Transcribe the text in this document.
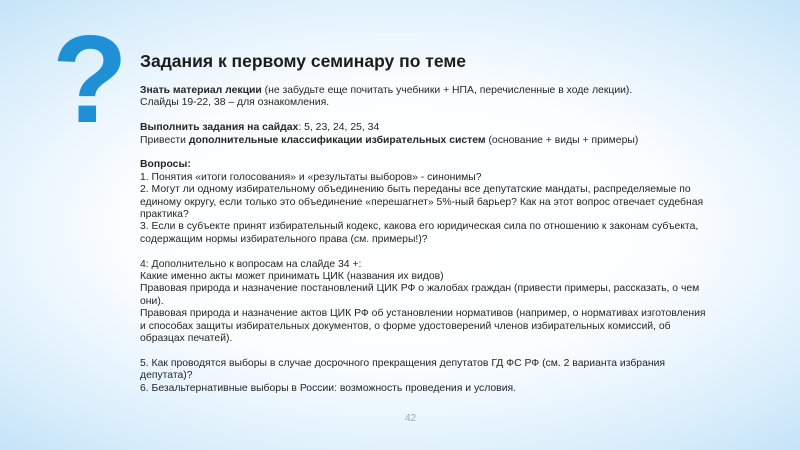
? Задания к первому семинару по теме
Знать материал лекции (не забудьте еще почитать учебники + НПА, перечисленные в ходе лекции).
Слайды 19-22, 38 – для ознакомления.
Выполнить задания на сайдах: 5, 23, 24, 25, 34
Привести дополнительные классификации избирательных систем (основание + виды + примеры)
Вопросы:
1. Понятия «итоги голосования» и «результаты выборов» - синонимы?
2. Могут ли одному избирательному объединению быть переданы все депутатские мандаты, распределяемые по
единому округу, если только это объединение «перешагнет» 5%-ный барьер? Как на этот вопрос отвечает судебная
практика?
3. Если в субъекте принят избирательный кодекс, какова его юридическая сила по отношению к законам субъекта,
содержащим нормы избирательного права (см. примеры!)?
4: Дополнительно к вопросам на слайде 34 +:
Какие именно акты может принимать ЦИК (названия их видов)
Правовая природа и назначение постановлений ЦИК РФ о жалобах граждан (привести примеры, рассказать, о чем
они).
Правовая природа и назначение актов ЦИК РФ об установлении нормативов (например, о нормативах изготовления
и способах защиты избирательных документов, о форме удостоверений членов избирательных комиссий, об
образцах печатей).
5. Как проводятся выборы в случае досрочного прекращения депутатов ГД ФС РФ (см. 2 варианта избрания
депутата)?
6. Безальтернативные выборы в России: возможность проведения и условия.
42
